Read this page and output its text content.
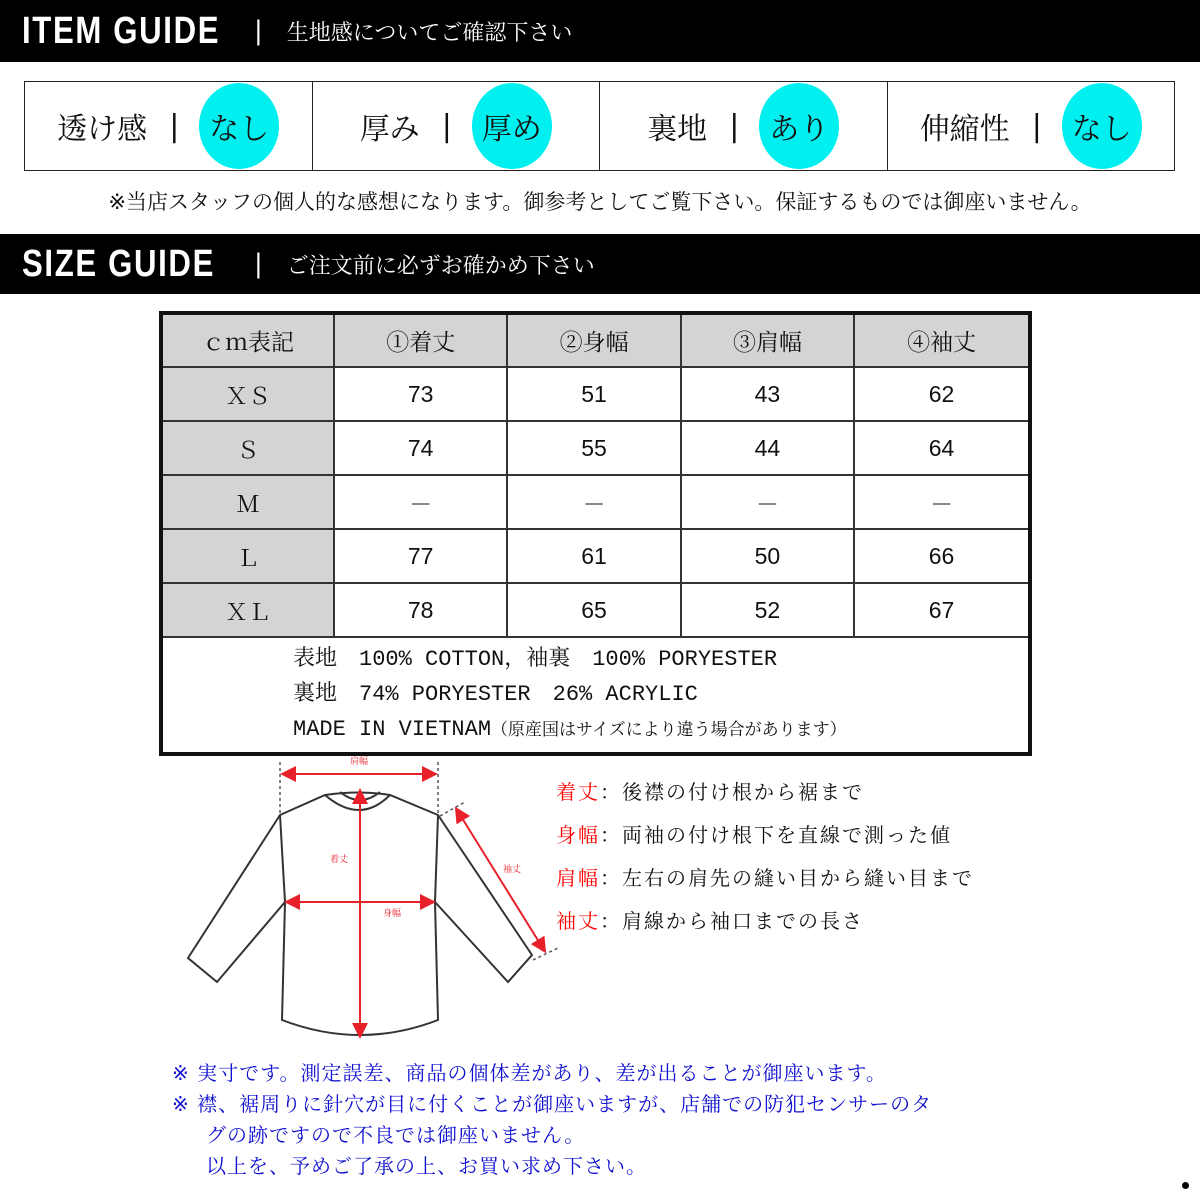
ITEM GUIDE | 生地感についてご確認下さい
透け感 |	なし	厚み |	厚め	裏地 |	あり	伸縮性 |	なし
※当店スタッフの個人的な感想になります。御参考としてご覧下さい。保証するものでは御座いません。
SIZE GUIDE | ご注文前に必ずお確かめ下さい
ｃｍ表記	①着丈	②身幅	③肩幅	④袖丈
ＸＳ	73	51	43	62
Ｓ	74	55	44	64
Ｍ	－	－	－	－
Ｌ	77	61	50	66
ＸＬ	78	65	52	67

表地　100% COTTON，袖裏　100% PORYESTER
裏地　74% PORYESTER　26% ACRYLIC
MADE IN VIETNAM（原産国はサイズにより違う場合があります）				
肩幅
着丈
身幅
袖丈
着丈：後襟の付け根から裾まで
身幅：両袖の付け根下を直線で測った値
肩幅：左右の肩先の縫い目から縫い目まで
袖丈：肩線から袖口までの長さ
※ 実寸です。測定誤差、商品の個体差があり、差が出ることが御座います。
※ 襟、裾周りに針穴が目に付くことが御座いますが、店舗での防犯センサーのタ
グの跡ですので不良では御座いません。
以上を、予めご了承の上、お買い求め下さい。
